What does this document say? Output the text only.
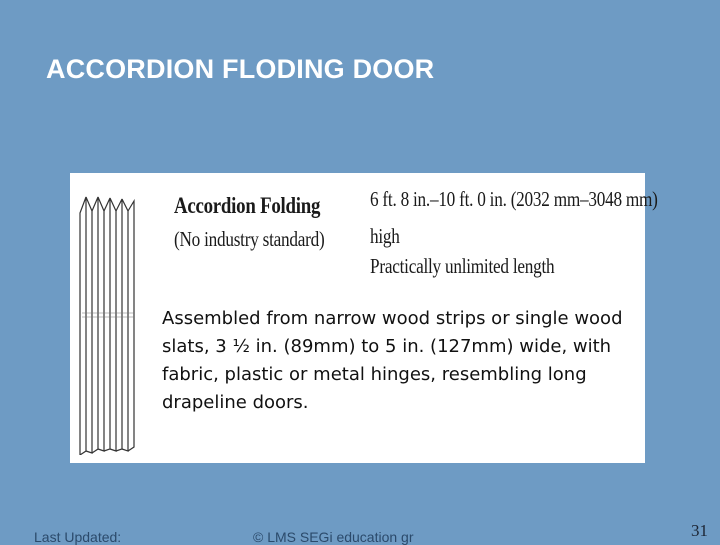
ACCORDION FLODING DOOR
Accordion Folding
(No industry standard)
6 ft. 8 in.–10 ft. 0 in. (2032 mm–3048 mm)
high
Practically unlimited length
Assembled from narrow wood strips or single wood slats, 3 ½ in. (89mm) to 5 in. (127mm) wide, with fabric, plastic or metal hinges, resembling long drapeline doors.
Last Updated:	© LMS SEGi education gr	31
